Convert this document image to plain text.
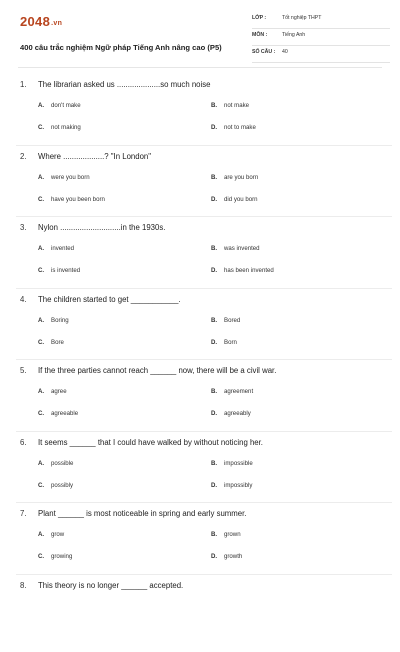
2048.vn
400 câu trắc nghiệm Ngữ pháp Tiếng Anh nâng cao (P5)
LỚP :	Tốt nghiệp THPT
MÔN :	Tiếng Anh
SỐ CÂU : 40
1. The librarian asked us ....................so much noise
A. don't make	B. not make
C. not making	D. not to make
2. Where ...................? "In London"
A. were you born	B. are you born
C. have you been born	D. did you born
3. Nylon ............................in the 1930s.
A. invented	B. was invented
C. is invented	D. has been invented
4. The children started to get ___________.
A. Boring	B. Bored
C. Bore	D. Born
5. If the three parties cannot reach ______ now, there will be a civil war.
A. agree	B. agreement
C. agreeable	D. agreeably
6. It seems ______ that I could have walked by without noticing her.
A. possible	B. impossible
C. possibly	D. impossibly
7. Plant ______ is most noticeable in spring and early summer.
A. grow	B. grown
C. growing	D. growth
8. This theory is no longer ______ accepted.
